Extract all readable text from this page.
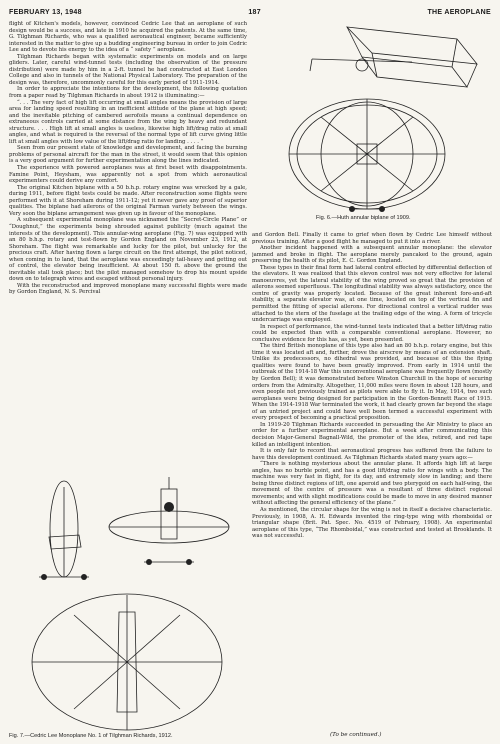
FEBRUARY 13, 1948	187	THE AEROPLANE

flight of Kitchen's models, however, convinced Cedric Lee that an aeroplane of such design would be a success, and late in 1910 he acquired the patents. At the same time, G. Tilghman Richards, who was a qualified aeronautical engineer, became sufficiently interested in the matter to give up a budding engineering bureau in order to join Cedric Lee and to devote his energy to the idea of a “ safety ” aeroplane.

Tilghman Richards began with systematic experiments on models and on large gliders. Later, careful wind-tunnel tests (including the observation of the pressure distribution) were made by him in a 2-ft. tunnel he had constructed at East London College and also in tunnels of the National Physical Laboratory. The preparation of the design was, therefore, uncommonly careful for this early period of 1911-1914.

In order to appreciate the intentions for the development, the following quotation from a paper read by Tilghman Richards in about 1912 is illuminating:—

“. . . The very fact of high lift occurring at small angles means the provision of large area for landing speed resulting in an inefficient attitude of the plane at high speed; and the inevitable pitching of cambered aerofoils means a continual dependence on extraneous controls carried at some distance from the wing by heavy and redundant structure. . . . High lift at small angles is useless, likewise high lift/drag ratio at small angles, and what is required is the reversal of the normal type of lift curve giving little lift at small angles with low value of the lift/drag ratio for landing . . . . ”

Seen from our present state of knowledge and development, and facing the burning problems of personal aircraft for the man in the street, it would seem that this opinion is a very good argument for further experimentation along the lines indicated.

The experience with powered aeroplanes was at first beset with disappointments. Famine Point, Heysham, was apparently not a spot from which aeronautical experimenters could derive any comfort.

The original Kitchen biplane with a 50 b.h.p. rotary engine was wrecked by a gale, during 1911, before flight tests could be made. After reconstruction some flights were performed with it at Shoreham during 1911-12; yet it never gave any proof of superior qualities. The biplane had ailerons of the original Farman variety between the wings. Very soon the biplane arrangement was given up in favour of the monoplane.

A subsequent experimental monoplane was nicknamed the “Secret-Circle Plane” or “Doughnut,” the experiments being shrouded against publicity (much against the interests of the development). This annular-wing aeroplane (Fig. 7) was equipped with an 80 b.h.p. rotary and test-flown by Gordon England on November 23, 1912, at Shoreham. The flight was remarkable and lucky for the pilot, but unlucky for the precious craft. After having flown a large circuit on the first attempt, the pilot noticed, when coming in to land, that the aeroplane was exceedingly tail-heavy and getting out of control, the elevator being insufficient. At about 150 ft. above the ground the inevitable stall took place; but the pilot managed somehow to drop his mount upside down on to telegraph wires and escaped without personal injury.

With the reconstructed and improved monoplane many successful flights were made by Gordon England, N. S. Percival

Fig. 6.—Huth annular biplane of 1909.

and Gordon Bell. Finally it came to grief when flown by Cedric Lee himself without previous training. After a good flight he managed to put it into a river.

Another incident happened with a subsequent annular monoplane: the elevator jammed and broke in flight. The aeroplane merely pancaked to the ground, again preserving the health of its pilot, E. C. Gordon England.

These types in their final form had lateral control effected by differential deflection of the elevators. It was realized that this elevon control was not very effective for lateral manoeuvres, yet the lateral stability of the wing proved so great that the provision of ailerons seemed superfluous. The longitudinal stability was always satisfactory, once the centre of gravity was properly located. Because of the great inherent fore-and-aft stability, a separate elevator was, at one time, located on top of the vertical fin and permitted the fitting of special ailerons. For directional control a vertical rudder was attached to the stern of the fuselage at the trailing edge of the wing. A form of tricycle undercarriage was employed.

In respect of performance, the wind-tunnel tests indicated that a better lift/drag ratio could be expected than with a comparable conventional aeroplane. However, no conclusive evidence for this has, as yet, been presented.

The third British monoplane of this type also had an 80 b.h.p. rotary engine, but this time it was located aft and, further, drove the airscrew by means of an extension shaft. Unlike its predecessors, no dihedral was provided, and because of this the flying qualities were found to have been greatly improved. From early in 1914 until the outbreak of the 1914-18 War this unconventional aeroplane was frequently flown (mostly by Gordon Bell); it was demonstrated before Winston Churchill in the hope of securing orders from the Admiralty. Altogether, 11,000 miles were flown in about 128 hours, and even people not previously trained as pilots were able to fly it. In May, 1914, two such aeroplanes were being designed for participation in the Gordon-Bennett Race of 1915. When the 1914-1918 War terminated the work, it had clearly grown far beyond the stage of an untried project and could have well been termed a successful experiment with every prospect of becoming a practical proposition.

In 1919-20 Tilghman Richards succeeded in persuading the Air Ministry to place an order for a further experimental aeroplane. But a week after communicating this decision Major-General Bagnall-Wild, the promoter of the idea, retired, and red tape killed an intelligent intention.

It is only fair to record that aeronautical progress has suffered from the failure to have this development continued. As Tilghman Richards stated many years ago:—

“There is nothing mysterious about the annular plane. It affords high lift at large angles, has no burble point, and has a good lift/drag ratio for wings with a body. The machine was very fast in flight, for its day, and extremely slow in landing; and there being three distinct regions of lift, one aperoid and two pterygoid on each half-wing, the movement of the centre of pressure was a resultant of three distinct regional movements; and with slight modifications could be made to move in any desired manner without affecting the general efficiency of the plane.”

As mentioned, the circular shape for the wing is not in itself a decisive characteristic. Previously, in 1908, A. H. Edwards invented the ring-type wing with rhomboidal or triangular shape (Brit. Pat. Spec. No. 4519 of February, 1908). An experimental aeroplane of this type, “The Rhomboidal,” was constructed and tested at Brooklands. It was not successful.

Fig. 7.—Cedric Lee Monoplane No. 1 of Tilghman Richards, 1912.	(To be continued.)
